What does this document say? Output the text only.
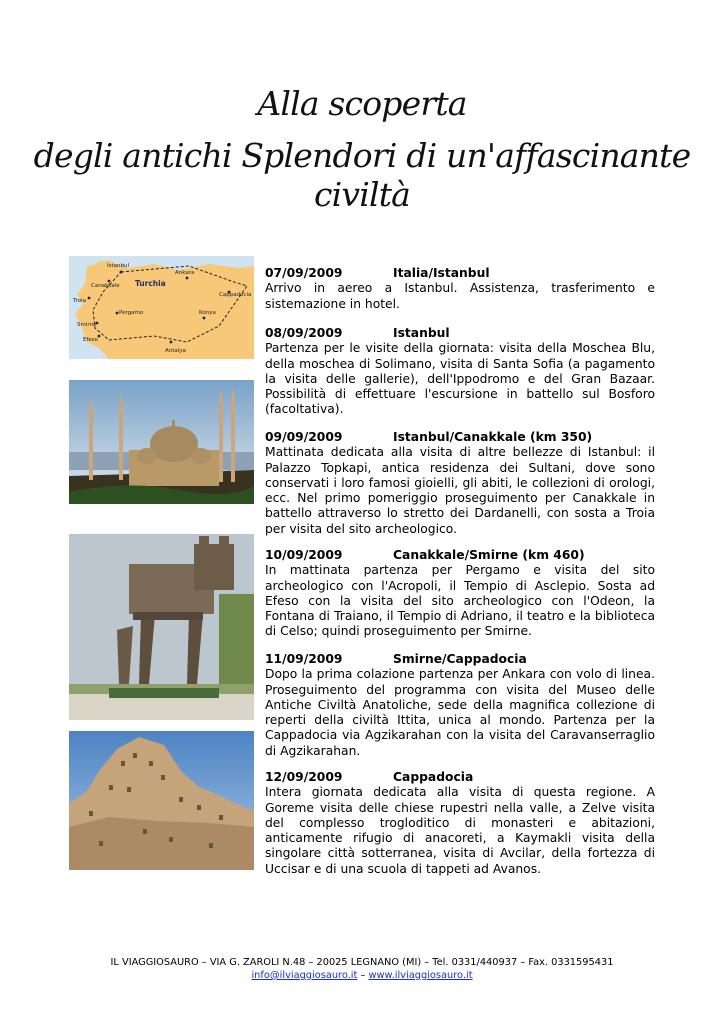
Alla scoperta
degli antichi Splendori di un'affascinante civiltà
Istanbul
Canakkale
Troia
Smirne
Pergamo
Efeso
Ankara
Cappadocia
Konya
Antalya
Turchia
07/09/2009	Italia/Istanbul
Arrivo in aereo a Istanbul. Assistenza, trasferimento e sistemazione in hotel.
08/09/2009	Istanbul
Partenza per le visite della giornata: visita della Moschea Blu, della moschea di Solimano, visita di Santa Sofia (a pagamento la visita delle gallerie), dell'Ippodromo e del Gran Bazaar. Possibilità di effettuare l'escursione in battello sul Bosforo (facoltativa).
09/09/2009	Istanbul/Canakkale (km 350)
Mattinata dedicata alla visita di altre bellezze di Istanbul: il Palazzo Topkapi, antica residenza dei Sultani, dove sono conservati i loro famosi gioielli, gli abiti, le collezioni di orologi, ecc. Nel primo pomeriggio proseguimento per Canakkale in battello attraverso lo stretto dei Dardanelli, con sosta a Troia per visita del sito archeologico.
10/09/2009	Canakkale/Smirne (km 460)
In mattinata partenza per Pergamo e visita del sito archeologico con l'Acropoli, il Tempio di Asclepio. Sosta ad Efeso con la visita del sito archeologico con l'Odeon, la Fontana di Traiano, il Tempio di Adriano, il teatro e la biblioteca di Celso; quindi proseguimento per Smirne.
11/09/2009	Smirne/Cappadocia
Dopo la prima colazione partenza per Ankara con volo di linea. Proseguimento del programma con visita del Museo delle Antiche Civiltà Anatoliche, sede della magnifica collezione di reperti della civiltà Ittita, unica al mondo. Partenza per la Cappadocia via Agzikarahan con la visita del Caravanserraglio di Agzikarahan.
12/09/2009	Cappadocia
Intera giornata dedicata alla visita di questa regione. A Goreme visita delle chiese rupestri nella valle, a Zelve visita del complesso trogloditico di monasteri e abitazioni, anticamente rifugio di anacoreti, a Kaymakli visita della singolare città sotterranea, visita di Avcilar, della fortezza di Uccisar e di una scuola di tappeti ad Avanos.
IL VIAGGIOSAURO – VIA G. ZAROLI N.48 – 20025 LEGNANO (MI) – Tel. 0331/440937 – Fax. 0331595431
info@ilviaggiosauro.it – www.ilviaggiosauro.it
